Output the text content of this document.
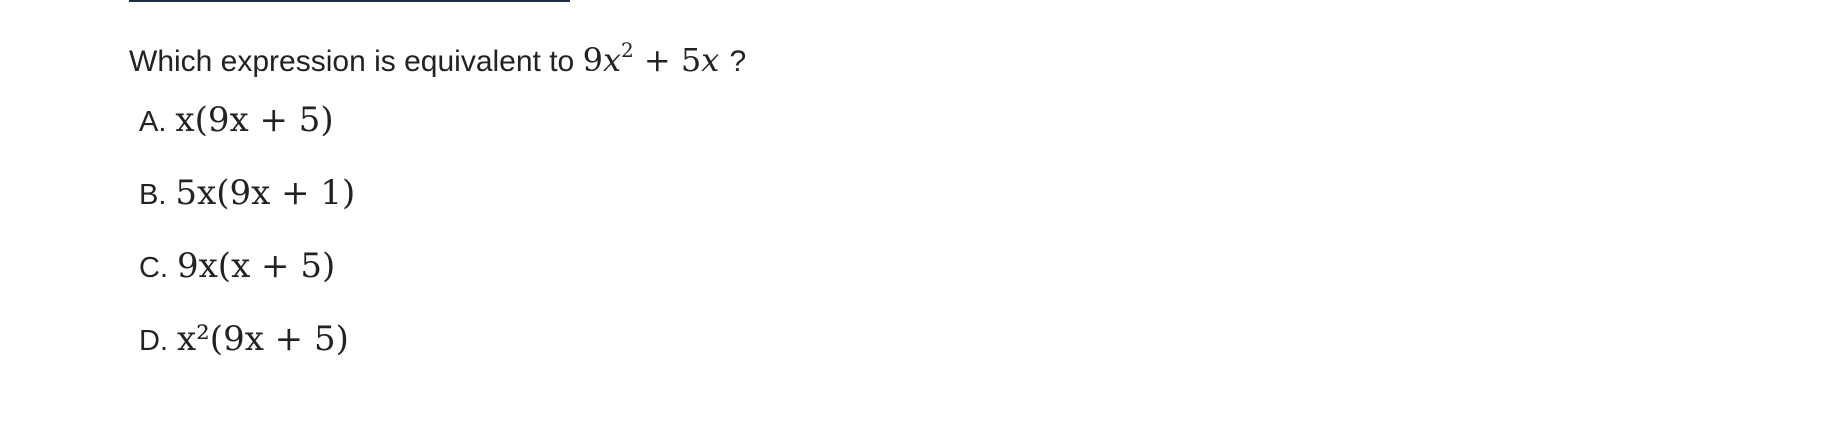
Which expression is equivalent to $9x^2 + 5x$ ?
A. x(9x + 5)
B. 5x(9x + 1)
C. 9x(x + 5)
D. x²(9x + 5)
